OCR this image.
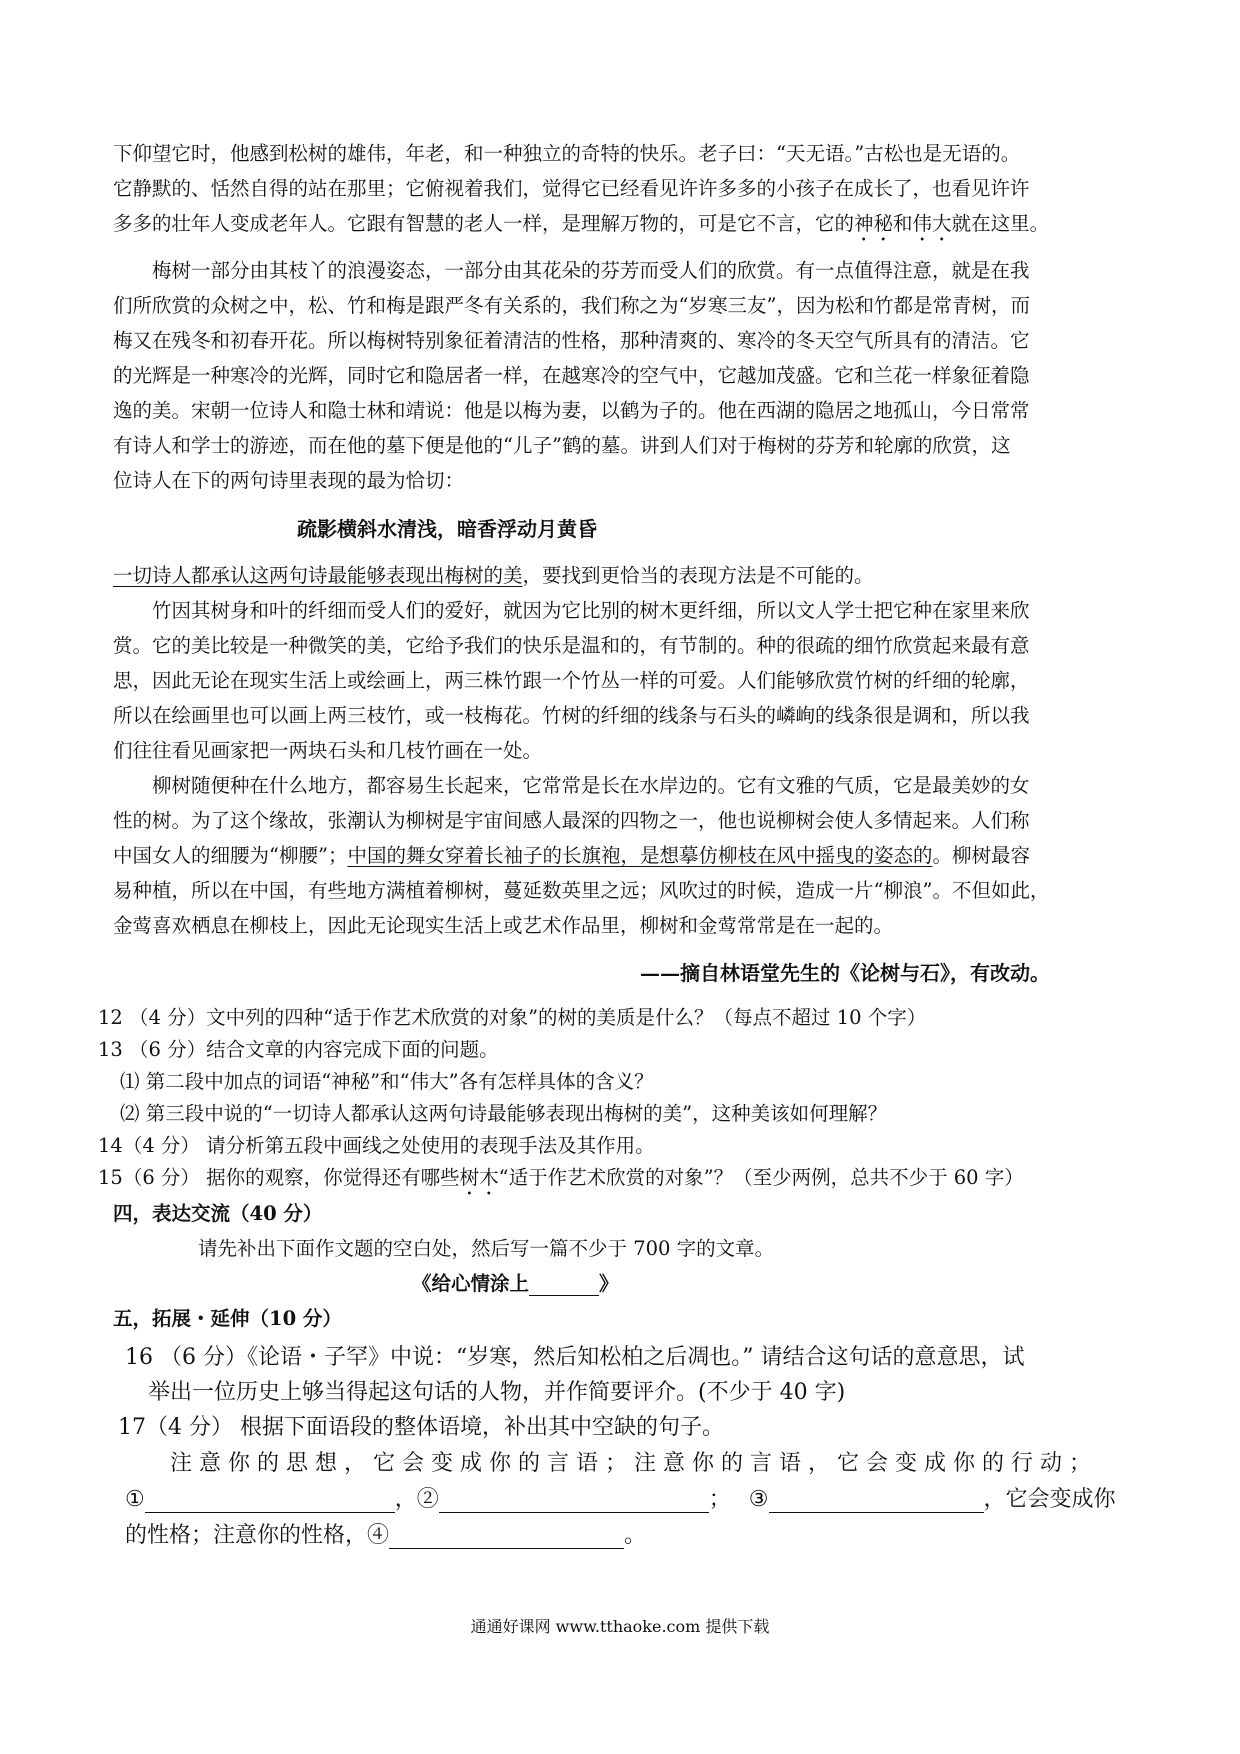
下仰望它时，他感到松树的雄伟，年老，和一种独立的奇特的快乐。老子曰：“天无语。”古松也是无语的。
它静默的、恬然自得的站在那里；它俯视着我们，觉得它已经看见许许多多的小孩子在成长了，也看见许许
多多的壮年人变成老年人。它跟有智慧的老人一样，是理解万物的，可是它不言，它的神秘和伟大就在这里。
梅树一部分由其枝丫的浪漫姿态，一部分由其花朵的芬芳而受人们的欣赏。有一点值得注意，就是在我
们所欣赏的众树之中，松、竹和梅是跟严冬有关系的，我们称之为“岁寒三友”，因为松和竹都是常青树，而
梅又在残冬和初春开花。所以梅树特别象征着清洁的性格，那种清爽的、寒冷的冬天空气所具有的清洁。它
的光辉是一种寒冷的光辉，同时它和隐居者一样，在越寒冷的空气中，它越加茂盛。它和兰花一样象征着隐
逸的美。宋朝一位诗人和隐士林和靖说：他是以梅为妻，以鹤为子的。他在西湖的隐居之地孤山，今日常常
有诗人和学士的游迹，而在他的墓下便是他的“儿子”鹤的墓。讲到人们对于梅树的芬芳和轮廓的欣赏，这
位诗人在下的两句诗里表现的最为恰切：
疏影横斜水清浅，暗香浮动月黄昏
一切诗人都承认这两句诗最能够表现出梅树的美，要找到更恰当的表现方法是不可能的。
竹因其树身和叶的纤细而受人们的爱好，就因为它比别的树木更纤细，所以文人学士把它种在家里来欣
赏。它的美比较是一种微笑的美，它给予我们的快乐是温和的，有节制的。种的很疏的细竹欣赏起来最有意
思，因此无论在现实生活上或绘画上，两三株竹跟一个竹丛一样的可爱。人们能够欣赏竹树的纤细的轮廓，
所以在绘画里也可以画上两三枝竹，或一枝梅花。竹树的纤细的线条与石头的嶙峋的线条很是调和，所以我
们往往看见画家把一两块石头和几枝竹画在一处。
柳树随便种在什么地方，都容易生长起来，它常常是长在水岸边的。它有文雅的气质，它是最美妙的女
性的树。为了这个缘故，张潮认为柳树是宇宙间感人最深的四物之一，他也说柳树会使人多情起来。人们称
中国女人的细腰为“柳腰”；中国的舞女穿着长袖子的长旗袍，是想摹仿柳枝在风中摇曳的姿态的。柳树最容
易种植，所以在中国，有些地方满植着柳树，蔓延数英里之远；风吹过的时候，造成一片“柳浪”。不但如此，
金莺喜欢栖息在柳枝上，因此无论现实生活上或艺术作品里，柳树和金莺常常是在一起的。
——摘自林语堂先生的《论树与石》，有改动。
12 （4 分）文中列的四种“适于作艺术欣赏的对象”的树的美质是什么？（每点不超过 10 个字）
13 （6 分）结合文章的内容完成下面的问题。
⑴ 第二段中加点的词语“神秘”和“伟大”各有怎样具体的含义？
⑵ 第三段中说的“一切诗人都承认这两句诗最能够表现出梅树的美”，这种美该如何理解？
14（4 分） 请分析第五段中画线之处使用的表现手法及其作用。
15（6 分） 据你的观察，你觉得还有哪些树木“适于作艺术欣赏的对象”？（至少两例，总共不少于 60 字）
四，表达交流（40 分）
请先补出下面作文题的空白处，然后写一篇不少于 700 字的文章。
《给心情涂上	》
五，拓展・延伸（10 分）
16 （6 分）《论语・子罕》中说：“岁寒，然后知松柏之后凋也。” 请结合这句话的意意思，试
举出一位历史上够当得起这句话的人物，并作简要评介。(不少于 40 字)
17（4 分） 根据下面语段的整体语境，补出其中空缺的句子。
注意你的思想，它会变成你的言语；注意你的言语，它会变成你的行动；
①	，②	； ③	，它会变成你
的性格；注意你的性格，④	。
通通好课网 www.tthaoke.com 提供下载
